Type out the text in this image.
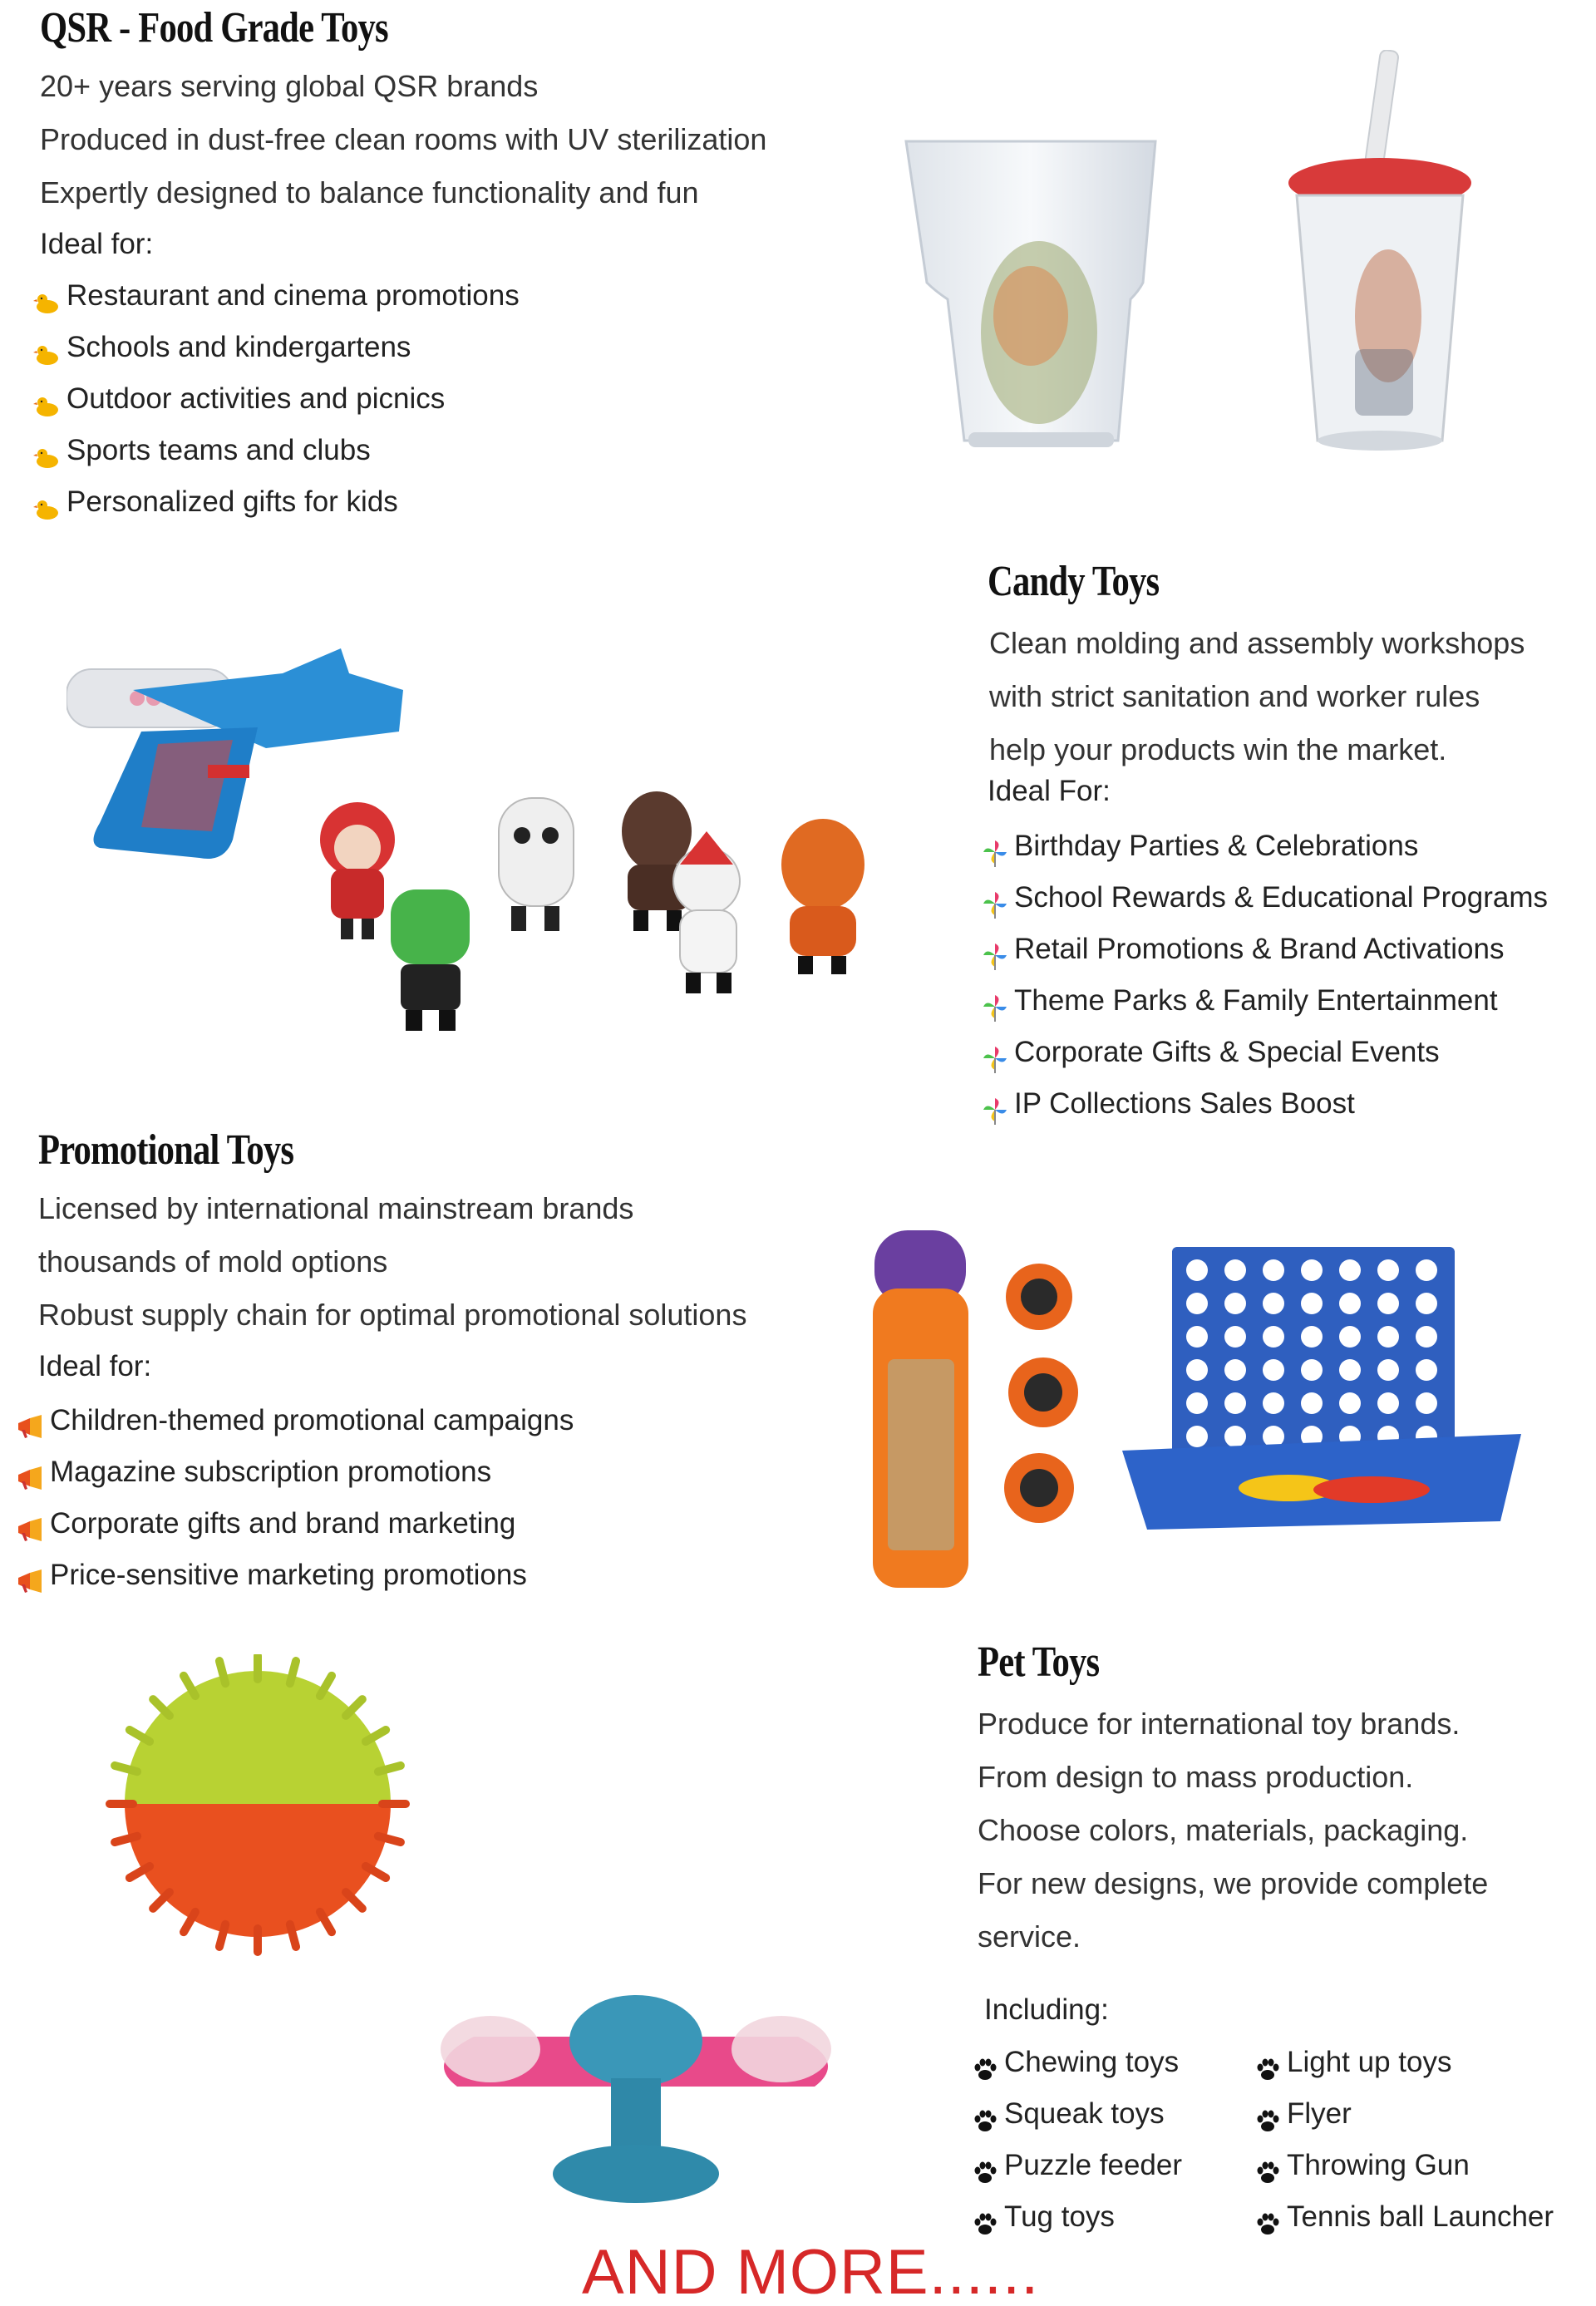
QSR - Food Grade Toys
20+ years serving global QSR brands
Produced in dust-free clean rooms with UV sterilization
Expertly designed to balance functionality and fun
Ideal for:
Restaurant and cinema promotions
Schools and kindergartens
Outdoor activities and picnics
Sports teams and clubs
Personalized gifts for kids
Candy Toys
Clean molding and assembly workshops
with strict sanitation and worker rules
help your products win the market.
Ideal For:
Birthday Parties & Celebrations
School Rewards & Educational Programs
Retail Promotions & Brand Activations
Theme Parks & Family Entertainment
Corporate Gifts & Special Events
IP Collections Sales Boost
Promotional Toys
Licensed by international mainstream brands
thousands of mold options
Robust supply chain for optimal promotional solutions
Ideal for:
Children-themed promotional campaigns
Magazine subscription promotions
Corporate gifts and brand marketing
Price-sensitive marketing promotions
Pet Toys
Produce for international toy brands.
From design to mass production.
Choose colors, materials, packaging.
For new designs, we provide complete
service.
Including:
Chewing toys
Squeak toys
Puzzle feeder
Tug toys
Light up toys
Flyer
Throwing Gun
Tennis ball Launcher
AND MORE......
